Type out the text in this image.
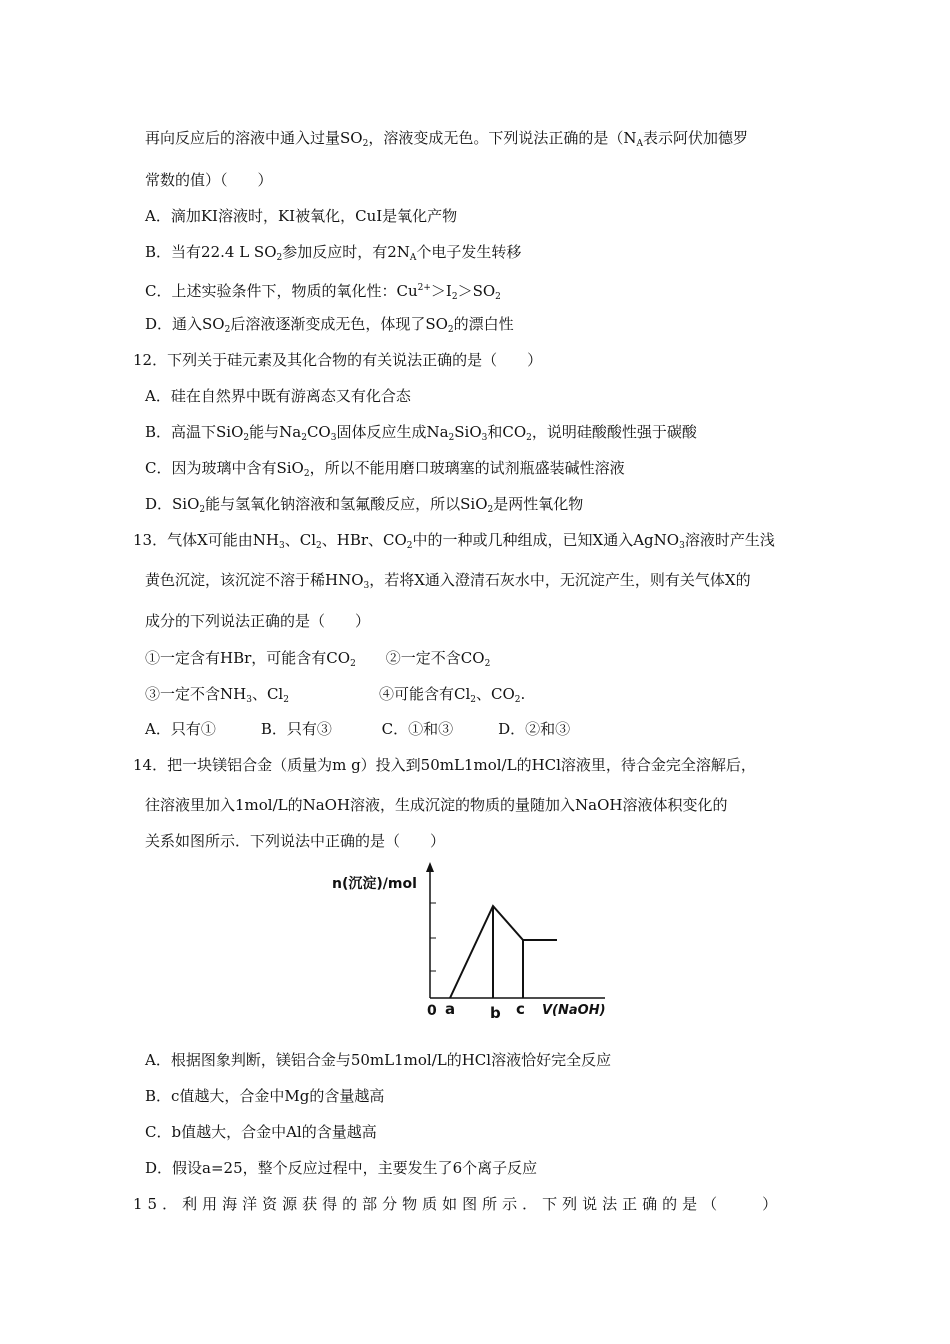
再向反应后的溶液中通入过量$SO_2$，溶液变成无色。下列说法正确的是（$N_A$表示阿伏加德罗
常数的值）（　　）
A．滴加KI溶液时，KI被氧化，CuI是氧化产物
B．当有22.4 L $SO_2$参加反应时，有$2N_A$个电子发生转移
C．上述实验条件下，物质的氧化性：$Cu^{2+}>I_2>SO_2$
D．通入$SO_2$后溶液逐渐变成无色，体现了$SO_2$的漂白性
12．下列关于硅元素及其化合物的有关说法正确的是（　　）
A．硅在自然界中既有游离态又有化合态
B．高温下SiO$_2$能与$Na_2CO_3$固体反应生成$Na_2SiO_3$和$CO_2$，说明硅酸酸性强于碳酸
C．因为玻璃中含有SiO$_2$，所以不能用磨口玻璃塞的试剂瓶盛装碱性溶液
D．SiO$_2$能与氢氧化钠溶液和氢氟酸反应，所以SiO$_2$是两性氧化物
13．气体X可能由$NH_3$、$Cl_2$、HBr、$CO_2$中的一种或几种组成，已知X通入AgNO$_3$溶液时产生浅
黄色沉淀，该沉淀不溶于稀$HNO_3$，若将X通入澄清石灰水中，无沉淀产生，则有关气体X的
成分的下列说法正确的是（　　）
①一定含有HBr，可能含有$CO_2$　　②一定不含$CO_2$
③一定不含$NH_3$、$Cl_2$　　　　　　④可能含有$Cl_2$、$CO_2$.
A．只有①　　　B．只有③　　　 C．①和③　　　D．②和③
14．把一块镁铝合金（质量为m g）投入到50mL1mol/L的HCl溶液里，待合金完全溶解后，
往溶液里加入1mol/L的NaOH溶液，生成沉淀的物质的量随加入NaOH溶液体积变化的
关系如图所示．下列说法中正确的是（　　）
n(沉淀)/mol
0 a b c V(NaOH)
A．根据图象判断，镁铝合金与50mL1mol/L的HCl溶液恰好完全反应
B．c值越大，合金中Mg的含量越高
C．b值越大，合金中Al的含量越高
D．假设a=25，整个反应过程中，主要发生了6个离子反应
15．利用海洋资源获得的部分物质如图所示．下列说法正确的是（　　）
